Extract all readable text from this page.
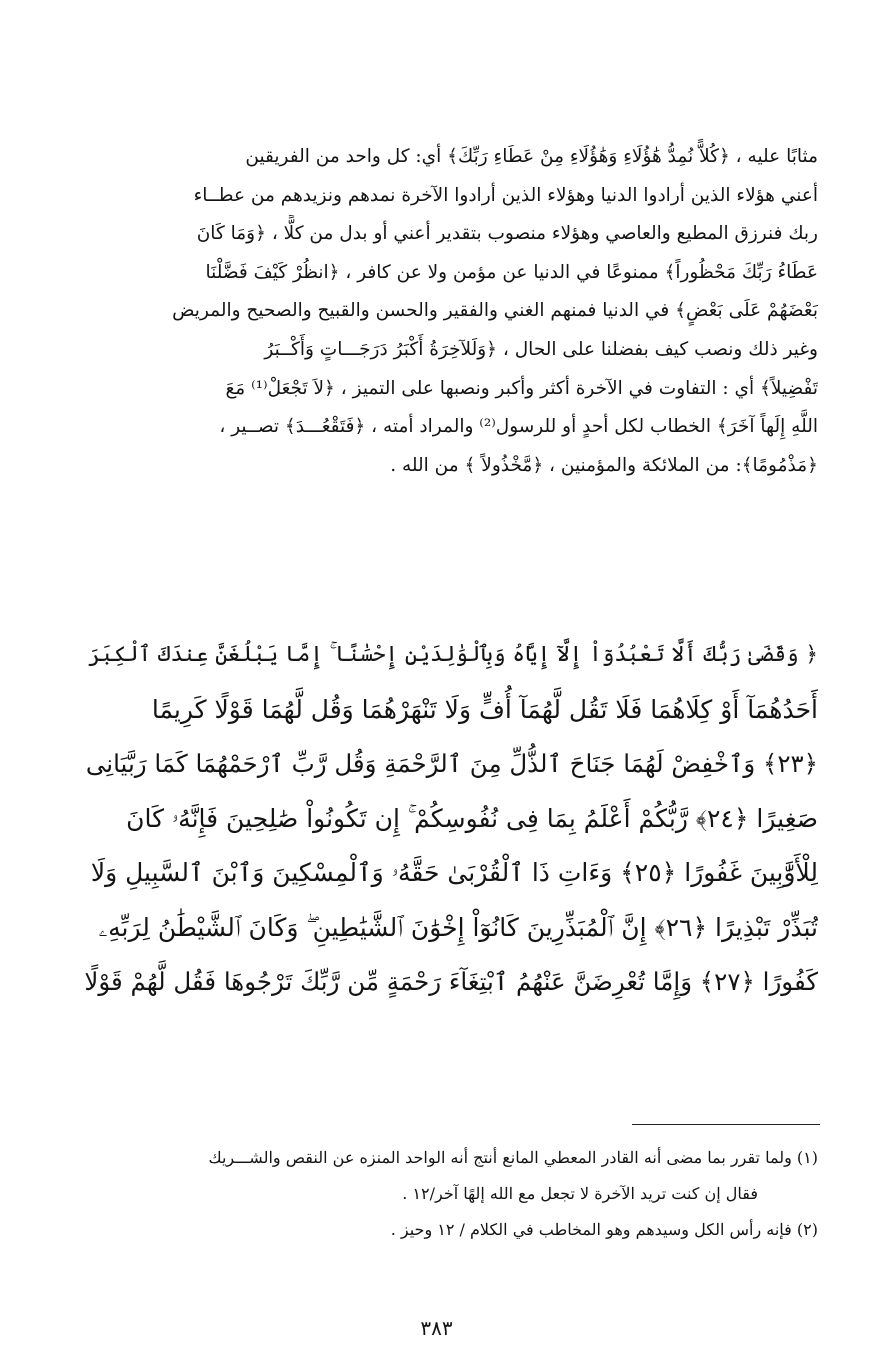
مثابًا عليه ، ﴿كُلاًّ نُمِدُّ هَٰؤُلَاءِ وَهَٰؤُلَاءِ مِنْ عَطَاءِ رَبِّكَ﴾ أي: كل واحد من الفريقين
أعني هؤلاء الذين أرادوا الدنيا وهؤلاء الذين أرادوا الآخرة نمدهم ونزيدهم من عطــاء
ربك فنرزق المطيع والعاصي وهؤلاء منصوب بتقدير أعني أو بدل من كلًّا ، ﴿وَمَا كَانَ
عَطَاءُ رَبِّكَ مَحْظُوراً﴾ ممنوعًا في الدنيا عن مؤمن ولا عن كافر ، ﴿انظُرْ كَيْفَ فَضَّلْنَا
بَعْضَهُمْ عَلَى بَعْضٍ﴾ في الدنيا فمنهم الغني والفقير والحسن والقبيح والصحيح والمريض
وغير ذلك ونصب كيف بفضلنا على الحال ، ﴿وَلَلآخِرَةُ أَكْبَرُ دَرَجَـــاتٍ وَأَكْــبَرُ
تَفْضِيلاً﴾ أي : التفاوت في الآخرة أكثر وأكبر ونصبها على التميز ، ﴿لاَ تَجْعَلْ⁽¹⁾ مَعَ
اللَّهِ إِلَهاً آخَرَ﴾ الخطاب لكل أحدٍ أو للرسول⁽²⁾ والمراد أمته ، ﴿فَتَقْعُـــدَ﴾ تصــير ،
﴿مَذْمُومًا﴾: من الملائكة والمؤمنين ، ﴿مَّخْذُولاً ﴾ من الله .
﴿ وَقَضَىٰ رَبُّكَ أَلَّا تَعْبُدُوٓاْ إِلَّآ إِيَّاهُ وَبِٱلْوَٰلِدَيْنِ إِحْسَٰنًا ۚ إِمَّا يَبْلُغَنَّ عِندَكَ ٱلْكِبَرَ
أَحَدُهُمَآ أَوْ كِلَاهُمَا فَلَا تَقُل لَّهُمَآ أُفٍّ وَلَا تَنْهَرْهُمَا وَقُل لَّهُمَا قَوْلًا كَرِيمًا
﴿٢٣﴾ وَٱخْفِضْ لَهُمَا جَنَاحَ ٱلذُّلِّ مِنَ ٱلرَّحْمَةِ وَقُل رَّبِّ ٱرْحَمْهُمَا كَمَا رَبَّيَانِى
صَغِيرًا ﴿٢٤﴾ رَّبُّكُمْ أَعْلَمُ بِمَا فِى نُفُوسِكُمْ ۚ إِن تَكُونُواْ صَٰلِحِينَ فَإِنَّهُۥ كَانَ
لِلْأَوَّٰبِينَ غَفُورًا ﴿٢٥﴾ وَءَاتِ ذَا ٱلْقُرْبَىٰ حَقَّهُۥ وَٱلْمِسْكِينَ وَٱبْنَ ٱلسَّبِيلِ وَلَا
تُبَذِّرْ تَبْذِيرًا ﴿٢٦﴾ إِنَّ ٱلْمُبَذِّرِينَ كَانُوٓاْ إِخْوَٰنَ ٱلشَّيَٰطِينِ ۖ وَكَانَ ٱلشَّيْطَٰنُ لِرَبِّهِۦ
كَفُورًا ﴿٢٧﴾ وَإِمَّا تُعْرِضَنَّ عَنْهُمُ ٱبْتِغَآءَ رَحْمَةٍ مِّن رَّبِّكَ تَرْجُوهَا فَقُل لَّهُمْ قَوْلًا
(١) ولما تقرر بما مضى أنه القادر المعطي المانع أنتج أنه الواحد المنزه عن النقص والشـــريك
فقال إن كنت تريد الآخرة لا تجعل مع الله إلهًا آخر/١٢ .
(٢) فإنه رأس الكل وسيدهم وهو المخاطب في الكلام / ١٢ وحيز .
٣٨٣
